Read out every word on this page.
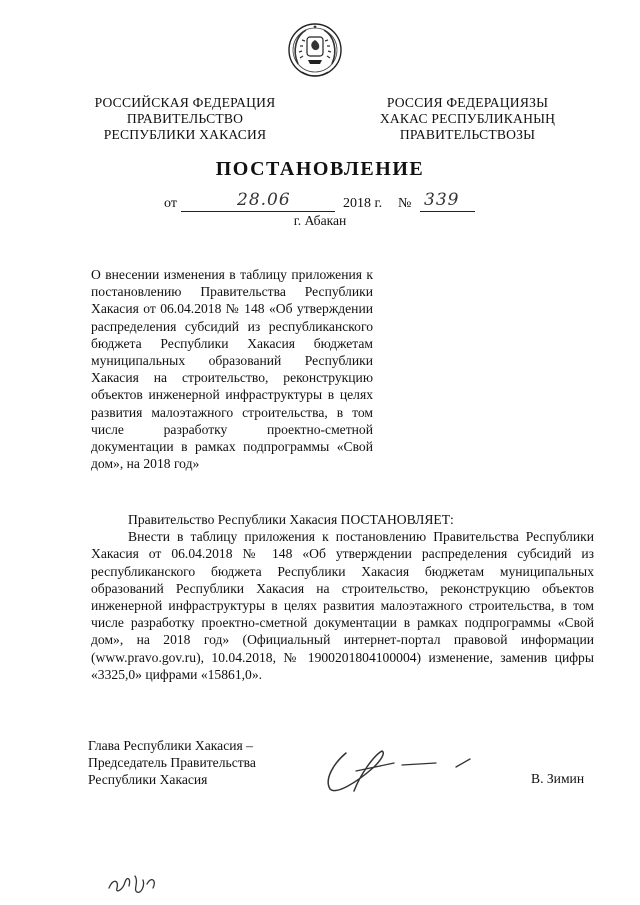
✦
РОССИЙСКАЯ ФЕДЕРАЦИЯ
ПРАВИТЕЛЬСТВО
РЕСПУБЛИКИ ХАКАСИЯ
РОССИЯ ФЕДЕРАЦИЯЗЫ
ХАКАС РЕСПУБЛИКАНЫҢ
ПРАВИТЕЛЬСТВОЗЫ
ПОСТАНОВЛЕНИЕ
от	28.06	2018 г. № 339
г. Абакан
О внесении изменения в таблицу приложения к постановлению Правительства Республики Хакасия от 06.04.2018 № 148 «Об утверждении распределения субсидий из республиканского бюджета Республики Хакасия бюджетам муниципальных образований Республики Хакасия на строительство, реконструкцию объектов инженерной инфраструктуры в целях развития малоэтажного строительства, в том числе разработку проектно-сметной документации в рамках подпрограммы «Свой дом», на 2018 год»

Правительство Республики Хакасия ПОСТАНОВЛЯЕТ:

Внести в таблицу приложения к постановлению Правительства Республики Хакасия от 06.04.2018 № 148 «Об утверждении распределения субсидий из республиканского бюджета Республики Хакасия бюджетам муниципальных образований Республики Хакасия на строительство, реконструкцию объектов инженерной инфраструктуры в целях развития малоэтажного строительства, в том числе разработку проектно-сметной документации в рамках подпрограммы «Свой дом», на 2018 год» (Официальный интернет-портал правовой информации (www.pravo.gov.ru), 10.04.2018, № 1900201804100004) изменение, заменив цифры «3325,0» цифрами «15861,0».

Глава Республики Хакасия –
Председатель Правительства
Республики Хакасия	В. Зимин
